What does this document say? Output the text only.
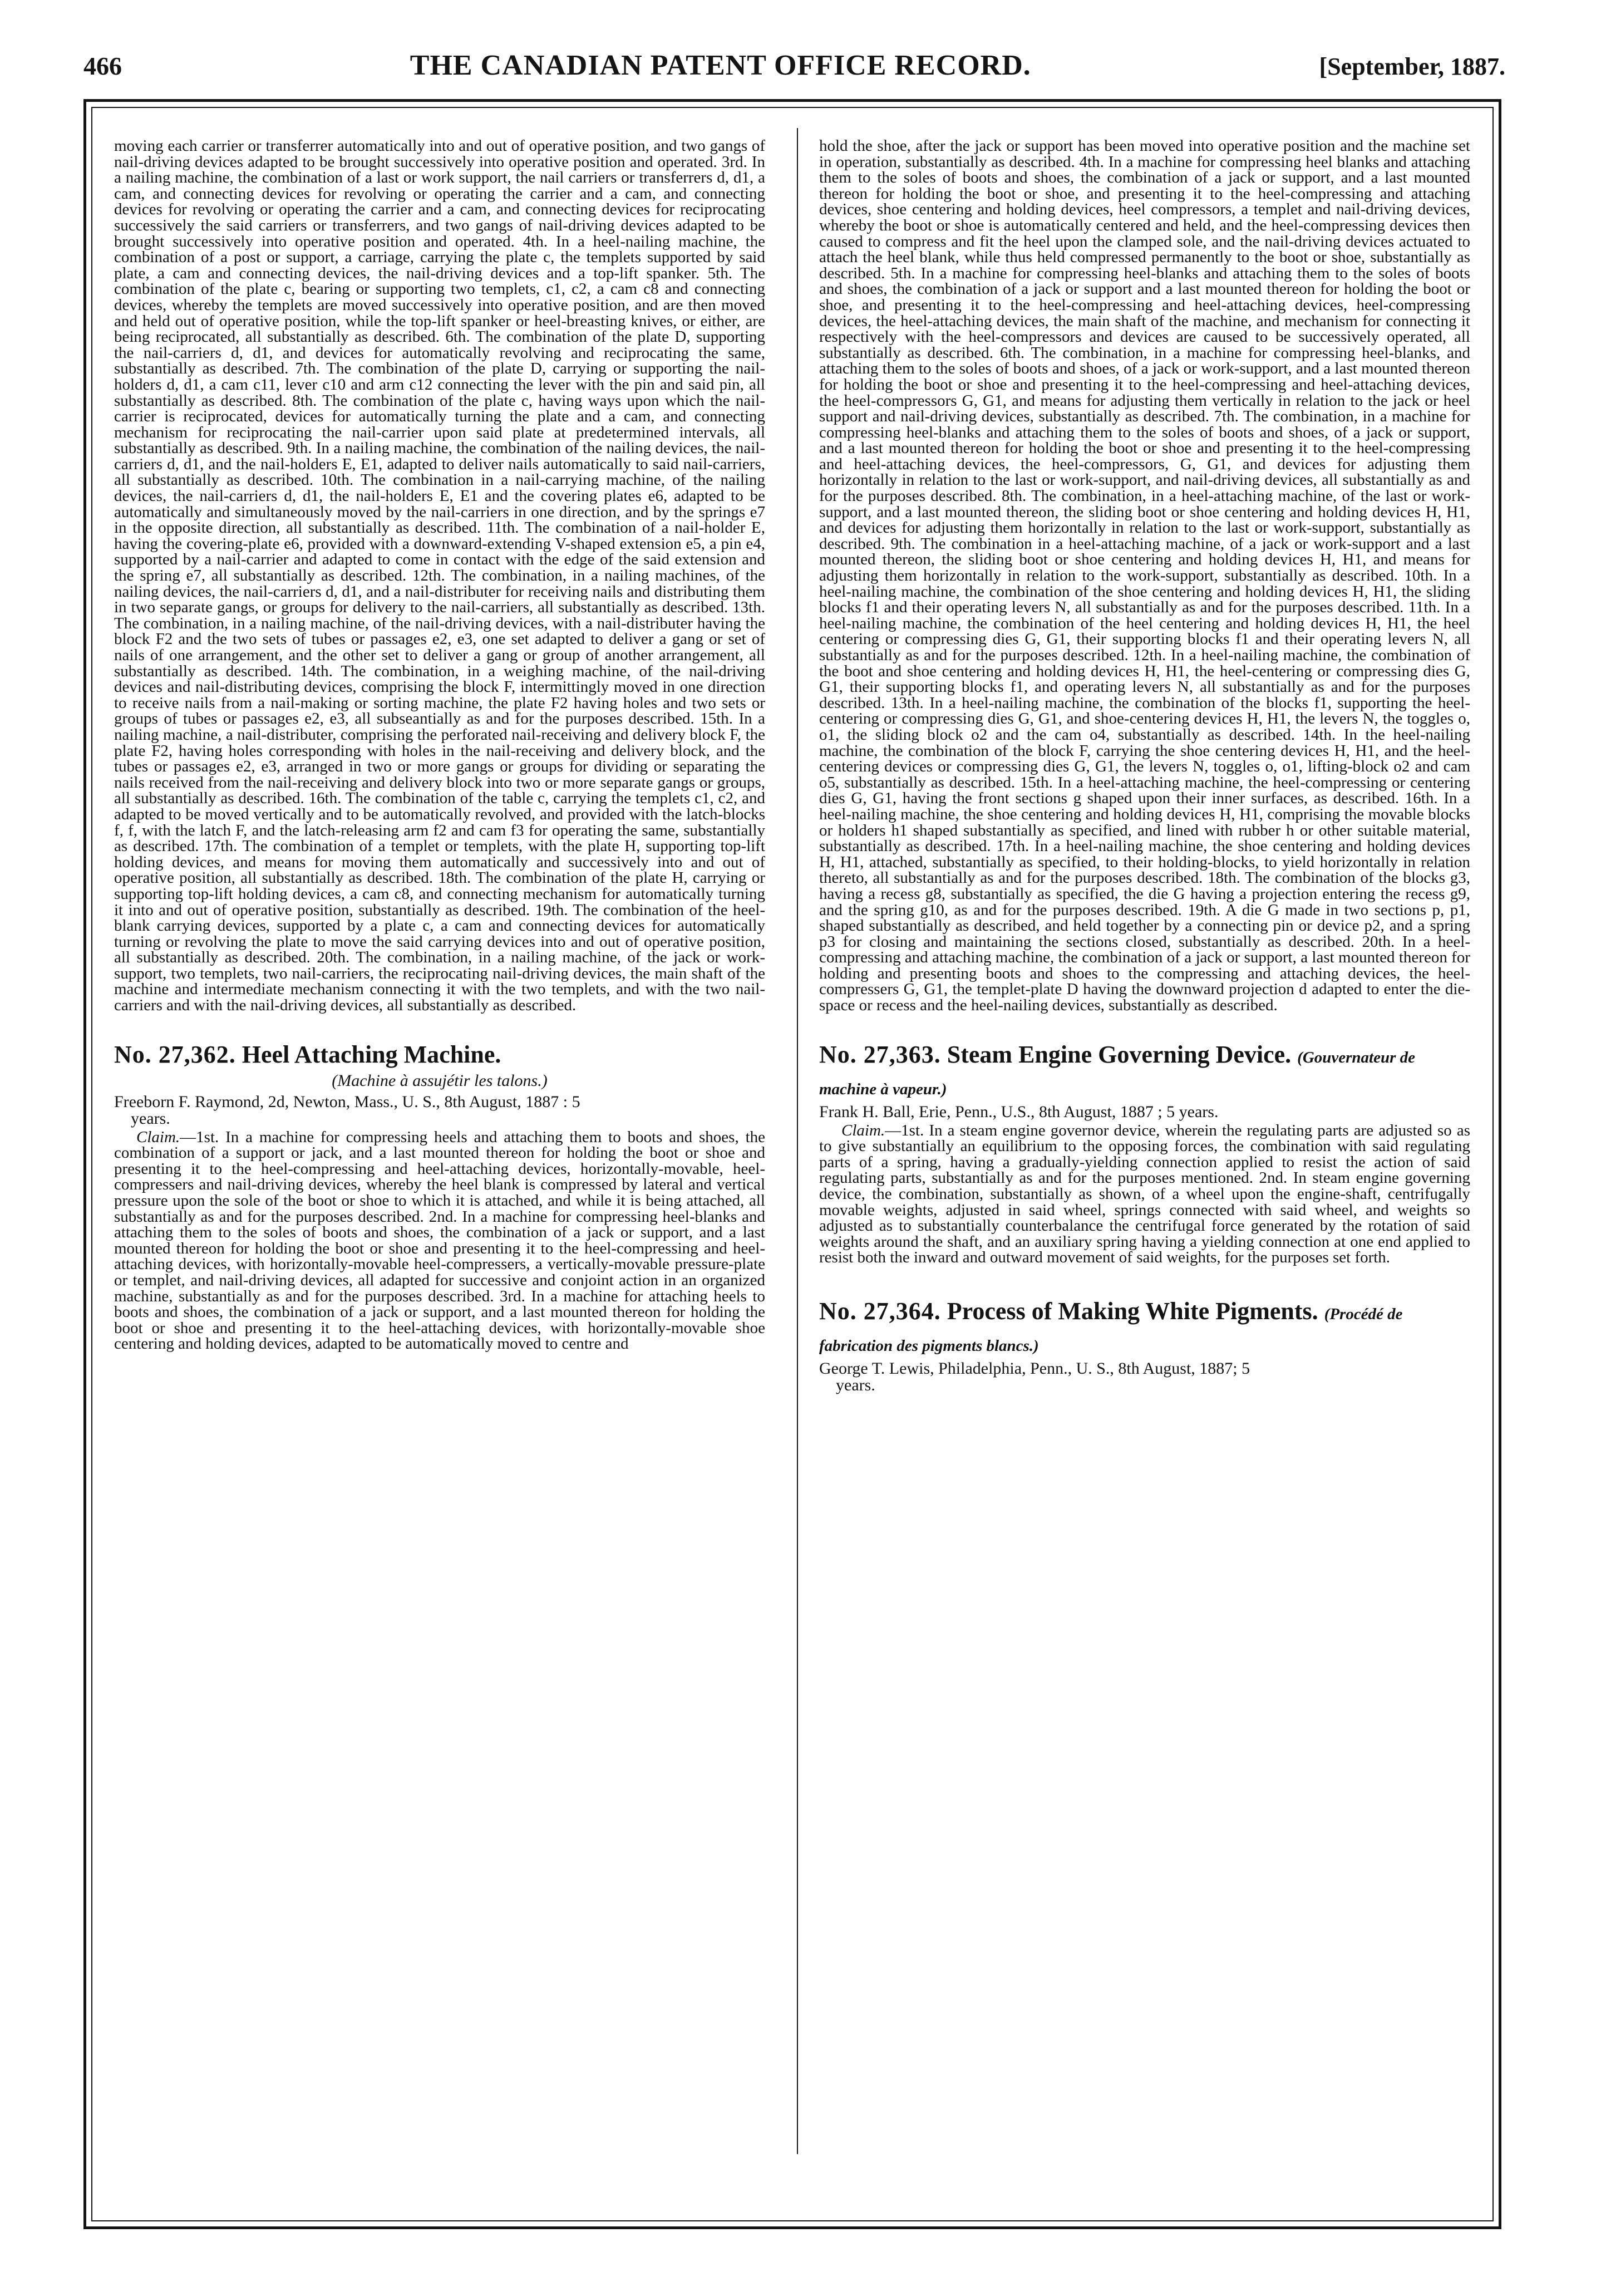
466	THE CANADIAN PATENT OFFICE RECORD.	[September, 1887.

moving each carrier or transferrer automatically into and out of operative position, and two gangs of nail-driving devices adapted to be brought successively into operative position and operated. 3rd. In a nailing machine, the combination of a last or work support, the nail carriers or transferrers d, d1, a cam, and connecting devices for revolving or operating the carrier and a cam, and connecting devices for revolving or operating the carrier and a cam, and connecting devices for reciprocating successively the said carriers or transferrers, and two gangs of nail-driving devices adapted to be brought successively into operative position and operated. 4th. In a heel-nailing machine, the combination of a post or support, a carriage, carrying the plate c, the templets supported by said plate, a cam and connecting devices, the nail-driving devices and a top-lift spanker. 5th. The combination of the plate c, bearing or supporting two templets, c1, c2, a cam c8 and connecting devices, whereby the templets are moved successively into operative position, and are then moved and held out of operative position, while the top-lift spanker or heel-breasting knives, or either, are being reciprocated, all substantially as described. 6th. The combination of the plate D, supporting the nail-carriers d, d1, and devices for automatically revolving and reciprocating the same, substantially as described. 7th. The combination of the plate D, carrying or supporting the nail-holders d, d1, a cam c11, lever c10 and arm c12 connecting the lever with the pin and said pin, all substantially as described. 8th. The combination of the plate c, having ways upon which the nail-carrier is reciprocated, devices for automatically turning the plate and a cam, and connecting mechanism for reciprocating the nail-carrier upon said plate at predetermined intervals, all substantially as described. 9th. In a nailing machine, the combination of the nailing devices, the nail-carriers d, d1, and the nail-holders E, E1, adapted to deliver nails automatically to said nail-carriers, all substantially as described. 10th. The combination in a nail-carrying machine, of the nailing devices, the nail-carriers d, d1, the nail-holders E, E1 and the covering plates e6, adapted to be automatically and simultaneously moved by the nail-carriers in one direction, and by the springs e7 in the opposite direction, all substantially as described. 11th. The combination of a nail-holder E, having the covering-plate e6, provided with a downward-extending V-shaped extension e5, a pin e4, supported by a nail-carrier and adapted to come in contact with the edge of the said extension and the spring e7, all substantially as described. 12th. The combination, in a nailing machines, of the nailing devices, the nail-carriers d, d1, and a nail-distributer for receiving nails and distributing them in two separate gangs, or groups for delivery to the nail-carriers, all substantially as described. 13th. The combination, in a nailing machine, of the nail-driving devices, with a nail-distributer having the block F2 and the two sets of tubes or passages e2, e3, one set adapted to deliver a gang or set of nails of one arrangement, and the other set to deliver a gang or group of another arrangement, all substantially as described. 14th. The combination, in a weighing machine, of the nail-driving devices and nail-distributing devices, comprising the block F, intermittingly moved in one direction to receive nails from a nail-making or sorting machine, the plate F2 having holes and two sets or groups of tubes or passages e2, e3, all subseantially as and for the purposes described. 15th. In a nailing machine, a nail-distributer, comprising the perforated nail-receiving and delivery block F, the plate F2, having holes corresponding with holes in the nail-receiving and delivery block, and the tubes or passages e2, e3, arranged in two or more gangs or groups for dividing or separating the nails received from the nail-receiving and delivery block into two or more separate gangs or groups, all substantially as described. 16th. The combination of the table c, carrying the templets c1, c2, and adapted to be moved vertically and to be automatically revolved, and provided with the latch-blocks f, f, with the latch F, and the latch-releasing arm f2 and cam f3 for operating the same, substantially as described. 17th. The combination of a templet or templets, with the plate H, supporting top-lift holding devices, and means for moving them automatically and successively into and out of operative position, all substantially as described. 18th. The combination of the plate H, carrying or supporting top-lift holding devices, a cam c8, and connecting mechanism for automatically turning it into and out of operative position, substantially as described. 19th. The combination of the heel-blank carrying devices, supported by a plate c, a cam and connecting devices for automatically turning or revolving the plate to move the said carrying devices into and out of operative position, all substantially as described. 20th. The combination, in a nailing machine, of the jack or work-support, two templets, two nail-carriers, the reciprocating nail-driving devices, the main shaft of the machine and intermediate mechanism connecting it with the two templets, and with the two nail-carriers and with the nail-driving devices, all substantially as described.

No. 27,362. Heel Attaching Machine.

(Machine à assujétir les talons.)

Freeborn F. Raymond, 2d, Newton, Mass., U. S., 8th August, 1887 : 5
years.

Claim.—1st. In a machine for compressing heels and attaching them to boots and shoes, the combination of a support or jack, and a last mounted thereon for holding the boot or shoe and presenting it to the heel-compressing and heel-attaching devices, horizontally-movable, heel-compressers and nail-driving devices, whereby the heel blank is compressed by lateral and vertical pressure upon the sole of the boot or shoe to which it is attached, and while it is being attached, all substantially as and for the purposes described. 2nd. In a machine for compressing heel-blanks and attaching them to the soles of boots and shoes, the combination of a jack or support, and a last mounted thereon for holding the boot or shoe and presenting it to the heel-compressing and heel-attaching devices, with horizontally-movable heel-compressers, a vertically-movable pressure-plate or templet, and nail-driving devices, all adapted for successive and conjoint action in an organized machine, substantially as and for the purposes described. 3rd. In a machine for attaching heels to boots and shoes, the combination of a jack or support, and a last mounted thereon for holding the boot or shoe and presenting it to the heel-attaching devices, with horizontally-movable shoe centering and holding devices, adapted to be automatically moved to centre and

hold the shoe, after the jack or support has been moved into operative position and the machine set in operation, substantially as described. 4th. In a machine for compressing heel blanks and attaching them to the soles of boots and shoes, the combination of a jack or support, and a last mounted thereon for holding the boot or shoe, and presenting it to the heel-compressing and attaching devices, shoe centering and holding devices, heel compressors, a templet and nail-driving devices, whereby the boot or shoe is automatically centered and held, and the heel-compressing devices then caused to compress and fit the heel upon the clamped sole, and the nail-driving devices actuated to attach the heel blank, while thus held compressed permanently to the boot or shoe, substantially as described. 5th. In a machine for compressing heel-blanks and attaching them to the soles of boots and shoes, the combination of a jack or support and a last mounted thereon for holding the boot or shoe, and presenting it to the heel-compressing and heel-attaching devices, heel-compressing devices, the heel-attaching devices, the main shaft of the machine, and mechanism for connecting it respectively with the heel-compressors and devices are caused to be successively operated, all substantially as described. 6th. The combination, in a machine for compressing heel-blanks, and attaching them to the soles of boots and shoes, of a jack or work-support, and a last mounted thereon for holding the boot or shoe and presenting it to the heel-compressing and heel-attaching devices, the heel-compressors G, G1, and means for adjusting them vertically in relation to the jack or heel support and nail-driving devices, substantially as described. 7th. The combination, in a machine for compressing heel-blanks and attaching them to the soles of boots and shoes, of a jack or support, and a last mounted thereon for holding the boot or shoe and presenting it to the heel-compressing and heel-attaching devices, the heel-compressors, G, G1, and devices for adjusting them horizontally in relation to the last or work-support, and nail-driving devices, all substantially as and for the purposes described. 8th. The combination, in a heel-attaching machine, of the last or work-support, and a last mounted thereon, the sliding boot or shoe centering and holding devices H, H1, and devices for adjusting them horizontally in relation to the last or work-support, substantially as described. 9th. The combination in a heel-attaching machine, of a jack or work-support and a last mounted thereon, the sliding boot or shoe centering and holding devices H, H1, and means for adjusting them horizontally in relation to the work-support, substantially as described. 10th. In a heel-nailing machine, the combination of the shoe centering and holding devices H, H1, the sliding blocks f1 and their operating levers N, all substantially as and for the purposes described. 11th. In a heel-nailing machine, the combination of the heel centering and holding devices H, H1, the heel centering or compressing dies G, G1, their supporting blocks f1 and their operating levers N, all substantially as and for the purposes described. 12th. In a heel-nailing machine, the combination of the boot and shoe centering and holding devices H, H1, the heel-centering or compressing dies G, G1, their supporting blocks f1, and operating levers N, all substantially as and for the purposes described. 13th. In a heel-nailing machine, the combination of the blocks f1, supporting the heel-centering or compressing dies G, G1, and shoe-centering devices H, H1, the levers N, the toggles o, o1, the sliding block o2 and the cam o4, substantially as described. 14th. In the heel-nailing machine, the combination of the block F, carrying the shoe centering devices H, H1, and the heel-centering devices or compressing dies G, G1, the levers N, toggles o, o1, lifting-block o2 and cam o5, substantially as described. 15th. In a heel-attaching machine, the heel-compressing or centering dies G, G1, having the front sections g shaped upon their inner surfaces, as described. 16th. In a heel-nailing machine, the shoe centering and holding devices H, H1, comprising the movable blocks or holders h1 shaped substantially as specified, and lined with rubber h or other suitable material, substantially as described. 17th. In a heel-nailing machine, the shoe centering and holding devices H, H1, attached, substantially as specified, to their holding-blocks, to yield horizontally in relation thereto, all substantially as and for the purposes described. 18th. The combination of the blocks g3, having a recess g8, substantially as specified, the die G having a projection entering the recess g9, and the spring g10, as and for the purposes described. 19th. A die G made in two sections p, p1, shaped substantially as described, and held together by a connecting pin or device p2, and a spring p3 for closing and maintaining the sections closed, substantially as described. 20th. In a heel-compressing and attaching machine, the combination of a jack or support, a last mounted thereon for holding and presenting boots and shoes to the compressing and attaching devices, the heel-compressers G, G1, the templet-plate D having the downward projection d adapted to enter the die-space or recess and the heel-nailing devices, substantially as described.

No. 27,363. Steam Engine Governing Device. (Gouvernateur de machine à vapeur.)

Frank H. Ball, Erie, Penn., U.S., 8th August, 1887 ; 5 years.

Claim.—1st. In a steam engine governor device, wherein the regulating parts are adjusted so as to give substantially an equilibrium to the opposing forces, the combination with said regulating parts of a spring, having a gradually-yielding connection applied to resist the action of said regulating parts, substantially as and for the purposes mentioned. 2nd. In steam engine governing device, the combination, substantially as shown, of a wheel upon the engine-shaft, centrifugally movable weights, adjusted in said wheel, springs connected with said wheel, and weights so adjusted as to substantially counterbalance the centrifugal force generated by the rotation of said weights around the shaft, and an auxiliary spring having a yielding connection at one end applied to resist both the inward and outward movement of said weights, for the purposes set forth.

No. 27,364. Process of Making White Pigments. (Procédé de fabrication des pigments blancs.)

George T. Lewis, Philadelphia, Penn., U. S., 8th August, 1887; 5
years.
